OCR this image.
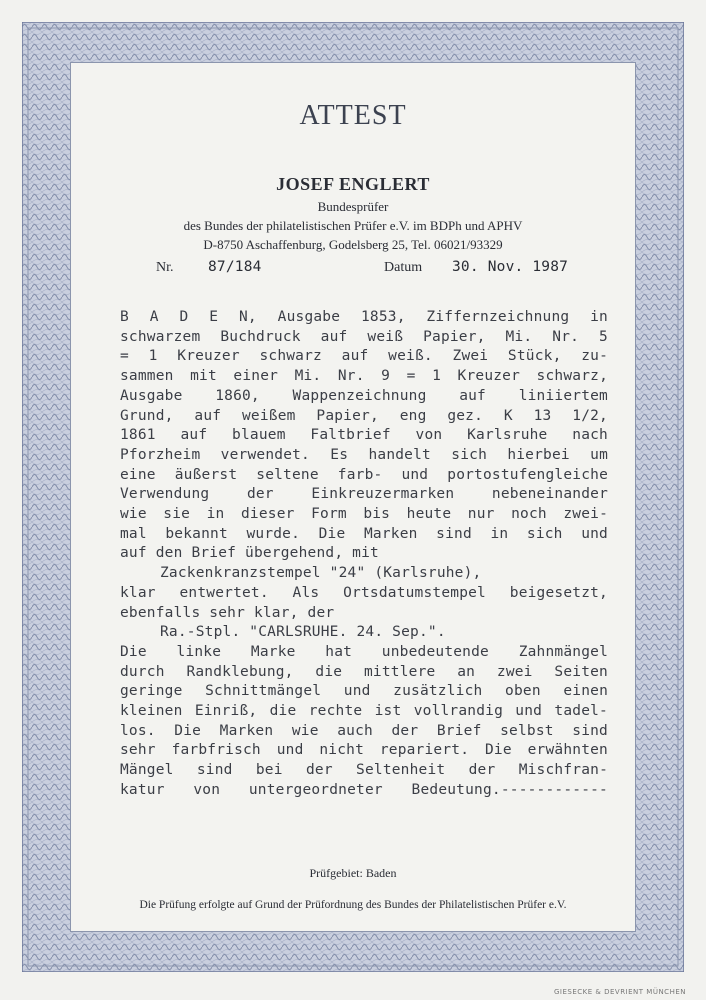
ATTEST
JOSEF ENGLERT
Bundesprüfer
des Bundes der philatelistischen Prüfer e.V. im BDPh und APHV
D-8750 Aschaffenburg, Godelsberg 25, Tel. 06021/93329
Nr. 87/184	Datum 30. Nov. 1987
B A D E N, Ausgabe 1853, Ziffernzeichnung in
schwarzem Buchdruck auf weiß Papier, Mi. Nr. 5
= 1 Kreuzer schwarz auf weiß. Zwei Stück, zu-
sammen mit einer Mi. Nr. 9 = 1 Kreuzer schwarz,
Ausgabe 1860, Wappenzeichnung auf liniiertem
Grund, auf weißem Papier, eng gez. K 13 1/2,
1861 auf blauem Faltbrief von Karlsruhe nach
Pforzheim verwendet. Es handelt sich hierbei um
eine äußerst seltene farb- und portostufengleiche
Verwendung der Einkreuzermarken nebeneinander
wie sie in dieser Form bis heute nur noch zwei-
mal bekannt wurde. Die Marken sind in sich und
auf den Brief übergehend, mit
Zackenkranzstempel "24" (Karlsruhe),
klar entwertet. Als Ortsdatumstempel beigesetzt,
ebenfalls sehr klar, der
Ra.-Stpl. "CARLSRUHE. 24. Sep.".
Die linke Marke hat unbedeutende Zahnmängel
durch Randklebung, die mittlere an zwei Seiten
geringe Schnittmängel und zusätzlich oben einen
kleinen Einriß, die rechte ist vollrandig und tadel-
los. Die Marken wie auch der Brief selbst sind
sehr farbfrisch und nicht repariert. Die erwähnten
Mängel sind bei der Seltenheit der Mischfran-
katur von untergeordneter Bedeutung.------------
Prüfgebiet: Baden
Die Prüfung erfolgte auf Grund der Prüfordnung des Bundes der Philatelistischen Prüfer e.V.
GIESECKE & DEVRIENT MÜNCHEN
